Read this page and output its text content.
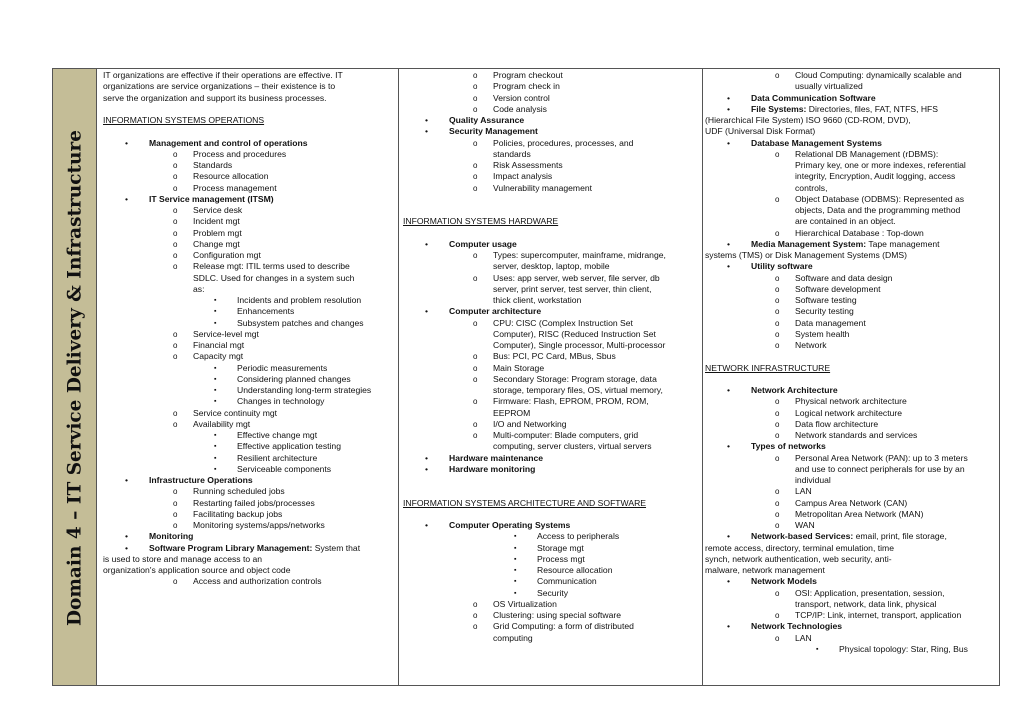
Domain 4 – IT Service Delivery & Infrastructure
IT organizations are effective if their operations are effective. IT
organizations are service organizations – their existence is to
serve the organization and support its business processes.
INFORMATION SYSTEMS OPERATIONS
• Management and control of operations
o Process and procedures
o Standards
o Resource allocation
o Process management
• IT Service management (ITSM)
o Service desk
o Incident mgt
o Problem mgt
o Change mgt
o Configuration mgt
o Release mgt: ITIL terms used to describe
SDLC. Used for changes in a system such
as:
▪ Incidents and problem resolution
▪ Enhancements
▪ Subsystem patches and changes
o Service-level mgt
o Financial mgt
o Capacity mgt
▪ Periodic measurements
▪ Considering planned changes
▪ Understanding long-term strategies
▪ Changes in technology
o Service continuity mgt
o Availability mgt
▪ Effective change mgt
▪ Effective application testing
▪ Resilient architecture
▪ Serviceable components
• Infrastructure Operations
o Running scheduled jobs
o Restarting failed jobs/processes
o Facilitating backup jobs
o Monitoring systems/apps/networks
• Monitoring
• Software Program Library Management: System that
is used to store and manage access to an
organization's application source and object code
o Access and authorization controls
o Program checkout
o Program check in
o Version control
o Code analysis
• Quality Assurance
• Security Management
o Policies, procedures, processes, and
standards
o Risk Assessments
o Impact analysis
o Vulnerability management
INFORMATION SYSTEMS HARDWARE
• Computer usage
o Types: supercomputer, mainframe, midrange,
server, desktop, laptop, mobile
o Uses: app server, web server, file server, db
server, print server, test server, thin client,
thick client, workstation
• Computer architecture
o CPU: CISC (Complex Instruction Set
Computer), RISC (Reduced Instruction Set
Computer), Single processor, Multi-processor
o Bus: PCI, PC Card, MBus, Sbus
o Main Storage
o Secondary Storage: Program storage, data
storage, temporary files, OS, virtual memory,
o Firmware: Flash, EPROM, PROM, ROM,
EEPROM
o I/O and Networking
o Multi-computer: Blade computers, grid
computing, server clusters, virtual servers
• Hardware maintenance
• Hardware monitoring
INFORMATION SYSTEMS ARCHITECTURE AND SOFTWARE
• Computer Operating Systems
▪ Access to peripherals
▪ Storage mgt
▪ Process mgt
▪ Resource allocation
▪ Communication
▪ Security
o OS Virtualization
o Clustering: using special software
o Grid Computing: a form of distributed
computing
o Cloud Computing: dynamically scalable and
usually virtualized
• Data Communication Software
• File Systems: Directories, files, FAT, NTFS, HFS
(Hierarchical File System) ISO 9660 (CD-ROM, DVD),
UDF (Universal Disk Format)
• Database Management Systems
o Relational DB Management (rDBMS):
Primary key, one or more indexes, referential
integrity, Encryption, Audit logging, access
controls,
o Object Database (ODBMS): Represented as
objects, Data and the programming method
are contained in an object.
o Hierarchical Database : Top-down
• Media Management System: Tape management
systems (TMS) or Disk Management Systems (DMS)
• Utility software
o Software and data design
o Software development
o Software testing
o Security testing
o Data management
o System health
o Network
NETWORK INFRASTRUCTURE
• Network Architecture
o Physical network architecture
o Logical network architecture
o Data flow architecture
o Network standards and services
• Types of networks
o Personal Area Network (PAN): up to 3 meters
and use to connect peripherals for use by an
individual
o LAN
o Campus Area Network (CAN)
o Metropolitan Area Network (MAN)
o WAN
• Network-based Services: email, print, file storage,
remote access, directory, terminal emulation, time
synch, network authentication, web security, anti-
malware, network management
• Network Models
o OSI: Application, presentation, session,
transport, network, data link, physical
o TCP/IP: Link, internet, transport, application
• Network Technologies
o LAN
▪ Physical topology: Star, Ring, Bus
